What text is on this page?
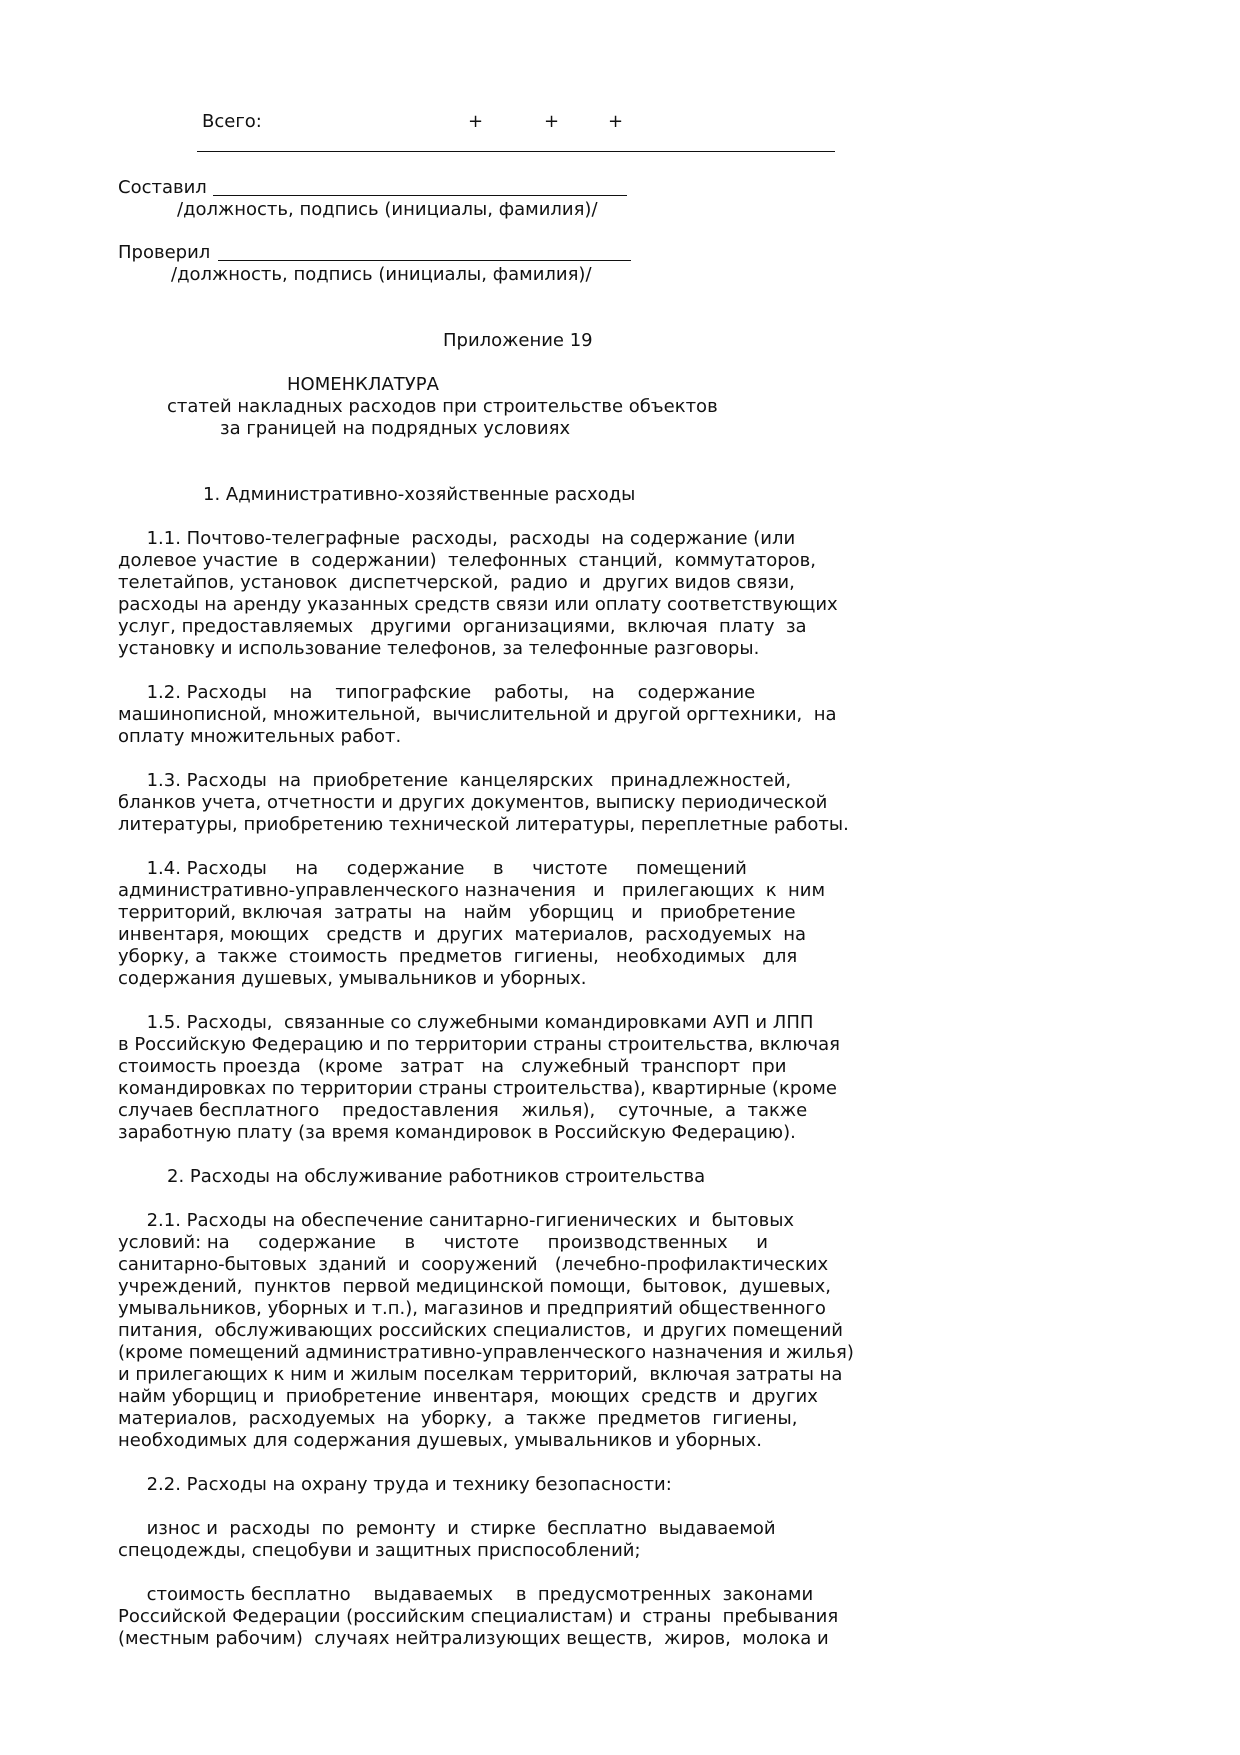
Всего:	+	+	+
Составил
/должность, подпись (инициалы, фамилия)/
Проверил
/должность, подпись (инициалы, фамилия)/
Приложение 19
НОМЕНКЛАТУРА
статей накладных расходов при строительстве объектов
за границей на подрядных условиях
1. Административно-хозяйственные расходы
1.1. Почтово-телеграфные  расходы,  расходы  на содержание (или
долевое участие  в  содержании)  телефонных  станций,  коммутаторов,
телетайпов, установок  диспетчерской,  радио  и  других видов связи,
расходы на аренду указанных средств связи или оплату соответствующих
услуг, предоставляемых   другими  организациями,  включая  плату  за
установку и использование телефонов, за телефонные разговоры.
1.2. Расходы    на    типографские    работы,    на    содержание
машинописной, множительной,  вычислительной и другой оргтехники,  на
оплату множительных работ.
1.3. Расходы  на  приобретение  канцелярских   принадлежностей,
бланков учета, отчетности и других документов, выписку периодической
литературы, приобретению технической литературы, переплетные работы.
1.4. Расходы     на     содержание     в     чистоте     помещений
административно-управленческого назначения   и   прилегающих  к  ним
территорий, включая  затраты  на   найм   уборщиц   и   приобретение
инвентаря, моющих   средств  и  других  материалов,  расходуемых  на
уборку, а  также  стоимость  предметов  гигиены,   необходимых   для
содержания душевых, умывальников и уборных.
1.5. Расходы,  связанные со служебными командировками АУП и ЛПП
в Российскую Федерацию и по территории страны строительства, включая
стоимость проезда   (кроме   затрат   на   служебный  транспорт  при
командировках по территории страны строительства), квартирные (кроме
случаев бесплатного    предоставления    жилья),    суточные,  а  также
заработную плату (за время командировок в Российскую Федерацию).
2. Расходы на обслуживание работников строительства
2.1. Расходы на обеспечение санитарно-гигиенических  и  бытовых
условий: на     содержание     в     чистоте     производственных     и
санитарно-бытовых  зданий  и  сооружений   (лечебно-профилактических
учреждений,  пунктов  первой медицинской помощи,  бытовок,  душевых,
умывальников, уборных и т.п.), магазинов и предприятий общественного
питания,  обслуживающих российских специалистов,  и других помещений
(кроме помещений административно-управленческого назначения и жилья)
и прилегающих к ним и жилым поселкам территорий,  включая затраты на
найм уборщиц и  приобретение  инвентаря,  моющих  средств  и  других
материалов,  расходуемых  на  уборку,  а  также  предметов  гигиены,
необходимых для содержания душевых, умывальников и уборных.
2.2. Расходы на охрану труда и технику безопасности:
износ и  расходы  по  ремонту  и  стирке  бесплатно  выдаваемой
спецодежды, спецобуви и защитных приспособлений;
стоимость бесплатно    выдаваемых    в  предусмотренных  законами
Российской Федерации (российским специалистам) и  страны  пребывания
(местным рабочим)  случаях нейтрализующих веществ,  жиров,  молока и
